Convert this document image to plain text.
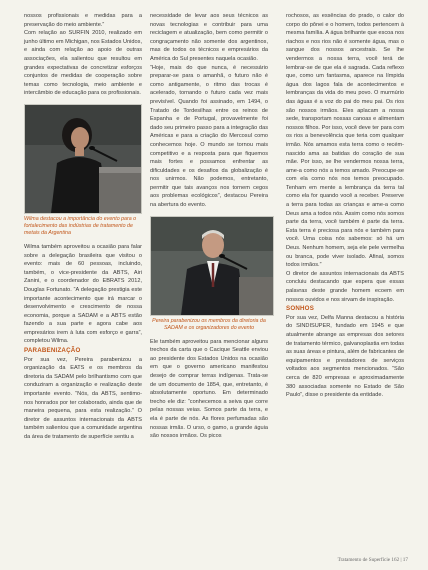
nossos profissionais e medidas para a preservação do meio ambiente.”

Com relação ao SURFIN 2010, realizado em junho último em Michigan, nos Estados Unidos, e ainda com relação ao apoio de outras associações, ela salientou que resultou em grandes expectativas de concretizar esforços conjuntos de medidas de cooperação sobre temas como tecnologia, meio ambiente e intercâmbio de educação para os profissionais.

Wilma destacou a importância do evento para o fortalecimento das indústrias de tratamento de metais da Argentina

Wilma também aproveitou a ocasião para falar sobre a delegação brasileira que visitou o evento: mais de 60 pessoas, incluindo, também, o vice-presidente da ABTS, Airi Zanini, e o coordenador do EBRATS 2012, Douglas Fortunato. “A delegação prestigia este importante acontecimento que irá marcar o desenvolvimento e crescimento de nossa economia, porque a SADAM e a ABTS estão fazendo a sua parte e agora cabe aos empresários irem à luta com esforço e garra”, completou Wilma.

PARABENIZAÇÃO

Por sua vez, Pereira parabenizou a organização da EATS e os membros da diretoria da SADAM pelo brilhantismo com que conduziram a organização e realização deste importante evento. “Nós, da ABTS, sentimo-nos honrados por ter colaborado, ainda que de maneira pequena, para esta realização.” O diretor de assuntos internacionais da ABTS também salientou que a comunidade argentina da área de tratamento de superfície sentiu a

necessidade de levar aos seus técnicos as novas tecnologias e contribuir para uma reciclagem e atualização, bem como permitir o congraçamento não somente dos argentinos, mas de todos os técnicos e empresários da América do Sul presentes naquela ocasião.

“Hoje, mais do que nunca, é necessário preparar-se para o amanhã, o futuro não é como antigamente, o ritmo das trocas é acelerado, tornando o futuro cada vez mais previsível. Quando foi assinado, em 1494, o Tratado de Tordesilhas entre os reinos de Espanha e de Portugal, provavelmente foi dado seu primeiro passo para a integração das Américas e para a criação do Mercosul como conhecemos hoje. O mundo se tornou mais competitivo e a resposta para que fiquemos mais fortes e possamos enfrentar as dificuldades e os desafios da globalização é nos unirmos. Não podemos, entretanto, permitir que tais avanços nos tornem cegos aos problemas ecológicos”, destacou Pereira na abertura do evento.

Pereira parabenizou os membros da diretoria da SADAM e os organizadores do evento

Ele também aproveitou para mencionar alguns trechos da carta que o Cacique Seattle enviou ao presidente dos Estados Unidos na ocasião em que o governo americano manifestou desejo de comprar terras indígenas. Trata-se de um documento de 1854, que, entretanto, é absolutamente oportuno. Em determinado trecho ele diz: “conhecemos a seiva que corre pelas nossas veias. Somos parte da terra, e ela é parte de nós. As flores perfumadas são nossas irmãs. O urso, o gamo, a grande águia são nossos irmãos. Os picos

rochosos, as essências do prado, o calor do corpo do pônei e o homem, todos pertencem à mesma família. A água brilhante que escoa nos riachos e nos rios não é somente água, mas o sangue dos nossos ancestrais. Se lhe vendermos a nossa terra, você terá de lembrar-se de que ela é sagrada. Cada reflexo que, como um fantasma, aparece na límpida água dos lagos fala de acontecimentos e lembranças da vida do meu povo. O murmúrio das águas é a voz do pai do meu pai. Os rios são nossos irmãos. Eles aplacam a nossa sede, transportam nossas canoas e alimentam nossos filhos. Por isso, você deve ter para com os rios a benevolência que teria com qualquer irmão. Nós amamos esta terra como o recém-nascido ama as batidas do coração de sua mãe. Por isso, se lhe vendermos nossa terra, ame-a como nós a temos amado. Preocupe-se com ela como nós nos temos preocupado. Tenham em mente a lembrança da terra tal como ela for quando você a receber. Preserve a terra para todas as crianças e ame-a como Deus ama a todos nós. Assim como nós somos parte da terra, você também é parte da terra. Esta terra é preciosa para nós e também para você. Uma coisa nós sabemos: só há um Deus. Nenhum homem, seja ele pele vermelha ou branca, pode viver isolado. Afinal, somos todos irmãos.”

O diretor de assuntos internacionais da ABTS concluiu destacando que espera que essas palavras deste grande homem ecoem em nossos ouvidos e nos sirvam de inspiração.

SONHOS

Por sua vez, Delfa Manna destacou a história do SINDISUPER, fundado em 1945 e que atualmente abrange as empresas dos setores de tratamento térmico, galvanoplastia em todas as suas áreas e pintura, além de fabricantes de equipamentos e prestadores de serviços voltados aos segmentos mencionados. “São cerca de 820 empresas e aproximadamente 380 associadas somente no Estado de São Paulo”, disse o presidente da entidade.

Tratamento de Superfície 162 | 17
